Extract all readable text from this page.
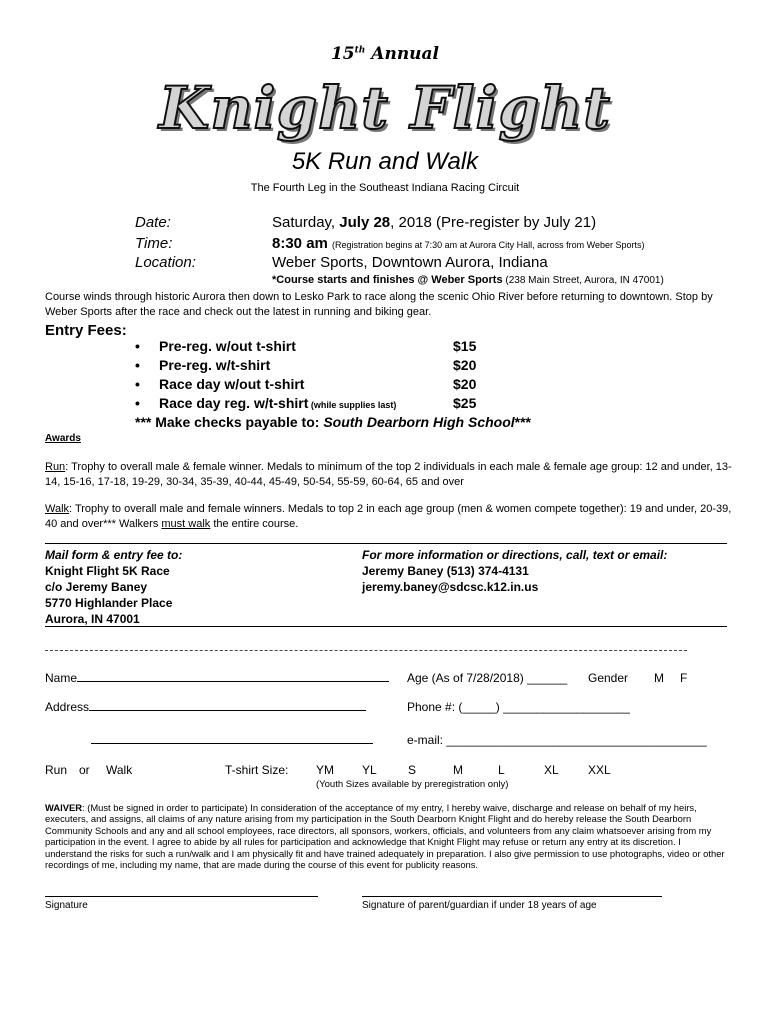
15th Annual
Knight Flight
5K Run and Walk
The Fourth Leg in the Southeast Indiana Racing Circuit
Date:	Saturday, July 28, 2018 (Pre-register by July 21)
Time:	8:30 am (Registration begins at 7:30 am at Aurora City Hall, across from Weber Sports)
Location:	Weber Sports, Downtown Aurora, Indiana
*Course starts and finishes @ Weber Sports (238 Main Street, Aurora, IN 47001)
Course winds through historic Aurora then down to Lesko Park to race along the scenic Ohio River before returning to downtown. Stop by Weber Sports after the race and check out the latest in running and biking gear.
Entry Fees:
• Pre-reg. w/out t-shirt	$15
• Pre-reg. w/t-shirt	$20
• Race day w/out t-shirt	$20
• Race day reg. w/t-shirt (while supplies last)	$25
*** Make checks payable to: South Dearborn High School***
Awards
Run: Trophy to overall male & female winner. Medals to minimum of the top 2 individuals in each male & female age group: 12 and under, 13-14, 15-16, 17-18, 19-29, 30-34, 35-39, 40-44, 45-49, 50-54, 55-59, 60-64, 65 and over
Walk: Trophy to overall male and female winners. Medals to top 2 in each age group (men & women compete together): 19 and under, 20-39, 40 and over*** Walkers must walk the entire course.
Mail form & entry fee to:
Knight Flight 5K Race
c/o Jeremy Baney
5770 Highlander Place
Aurora, IN 47001
For more information or directions, call, text or email:
Jeremy Baney (513) 374-4131
jeremy.baney@sdcsc.k12.in.us
Name	Age (As of 7/28/2018) ______ Gender M F
Address	Phone #: (_____) ___________________
e-mail: _______________________________________
Run or Walk	T-shirt Size: YM YL	S	M	L	XL XXL
(Youth Sizes available by preregistration only)
WAIVER: (Must be signed in order to participate) In consideration of the acceptance of my entry, I hereby waive, discharge and release on behalf of my heirs, executers, and assigns, all claims of any nature arising from my participation in the South Dearborn Knight Flight and do hereby release the South Dearborn Community Schools and any and all school employees, race directors, all sponsors, workers, officials, and volunteers from any claim whatsoever arising from my participation in the event. I agree to abide by all rules for participation and acknowledge that Knight Flight may refuse or return any entry at its discretion. I understand the risks for such a run/walk and I am physically fit and have trained adequately in preparation. I also give permission to use photographs, video or other recordings of me, including my name, that are made during the course of this event for publicity reasons.
Signature	Signature of parent/guardian if under 18 years of age
